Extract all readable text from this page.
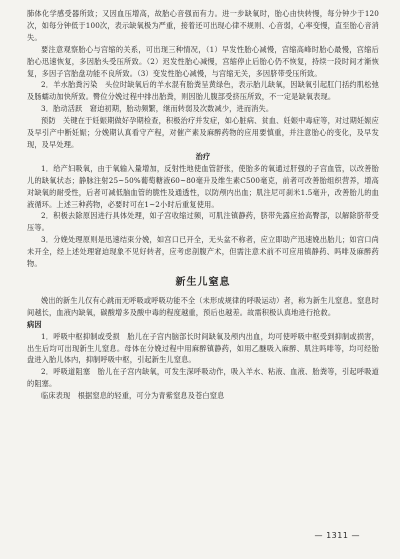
肺体化学感受器所致；又因血压增高，故胎心音强而有力。进一步缺氧时，胎心由快转慢，每分钟少于120次，如每分钟低于100次，表示缺氧极为严重，接着还可出现心律不规则、心音弱，心率变慢，直至胎心音消失。

要注意观察胎心与宫缩的关系，可出现三种情况，（1）早发性胎心减慢，宫缩高峰时胎心最慢，宫缩后胎心迅速恢复，多因胎头受压所致。（2）迟发性胎心减慢，宫缩停止后胎心仍不恢复，持续一段时间才渐恢复，多因子宫胎盘功能不良所致。（3）变发性胎心减慢，与宫缩无关，多因脐带受压所致。

2．羊水胎粪污染　头位时缺氧后的羊水混有胎粪呈黄绿色，表示胎儿缺氧，因缺氧引起肛门括约肌松弛及肠蠕动加快所致。臀位分娩过程中排出胎粪，则因胎儿腹部受挤压所致，不一定是缺氧表现。

3．胎动活跃　窘迫初期，胎动频繁，继而转弱及次数减少，进而消失。

预防　关键在于妊娠期做好孕期检查，积极治疗并发症，如心脏病、贫血、妊娠中毒症等，对过期妊娠应及早引产中断妊娠；分娩期认真看守产程，对催产素及麻醉药物的应用要慎重，并注意胎心的变化，及早发现，及早处理。

治疗

1．给产妇吸氧，由于氧输入量增加，反射性地使血管舒张，使胎多的氧通过肝强的子宫血管，以改善胎儿的缺氧状态；静脉注射25~50%葡萄糖液60~80毫升及维生素C500毫克，前者可改善胎组织营养，增高对缺氧的耐受性，后者可减低脑血管的脆性及通透性，以防颅内出血；肌注尼可刹米1.5毫升，改善胎儿的血液循环。上述三种药物，必要时可在1~2小时后重复使用。

2．积极去除原因进行具体处理，如子宫收缩过频，可肌注镇静药，脐带先露应抬高臀部，以解除脐带受压等。

3．分娩处理原则是迅速结束分娩，如宫口已开全，无头盆不称者，应立即助产迅速娩出胎儿；如宫口尚未开全，经上述处理窘迫现象不见好转者，应考虑剖腹产术，但需注意术前不可应用镇静药、吗啡及麻醉药物。

新生儿窒息

娩出的新生儿仅有心跳而无呼吸或呼吸功能不全（未形成规律的呼吸运动）者，称为新生儿窒息。窒息时间越长，血液内缺氧，碳酸增多及酸中毒的程度越重，预后也越差。故需积极认真地进行抢救。

病因

1．呼吸中枢抑制或受损　胎儿在子宫内脑部长时间缺氧及颅内出血，均可使呼吸中枢受到抑制或损害，出生后均可出现新生儿窒息。母体在分娩过程中用麻醉镇静药，如用乙醚吸入麻醉、肌注吗啡等，均可经胎盘进入胎儿体内，抑制呼吸中枢，引起新生儿窒息。

2．呼吸道阻塞　胎儿在子宫内缺氧，可发生深呼吸动作，吸入羊水、粘液、血液、胎粪等，引起呼吸道的阻塞。

临床表现　根据窒息的轻重，可分为青紫窒息及苍白窒息

— 1311 —
